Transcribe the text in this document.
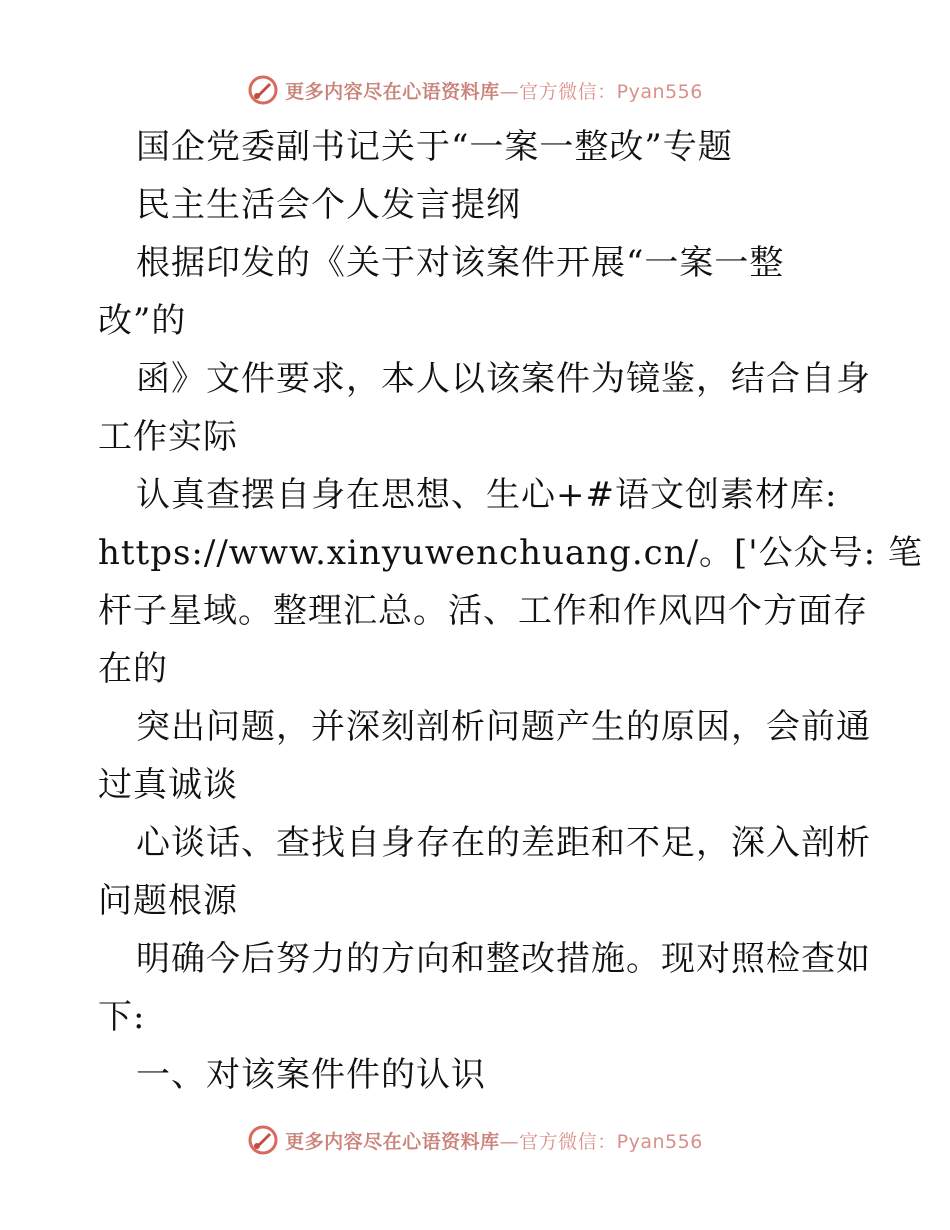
更多内容尽在心语资料库—官方微信：Pyan556
国企党委副书记关于“一案一整改”专题
民主生活会个人发言提纲
根据印发的《关于对该案件开展“一案一整
改”的
函》文件要求，本人以该案件为镜鉴，结合自身
工作实际
认真查摆自身在思想、生心+#语文创素材库:
https://www.xinyuwenchuang.cn/。['公众号: 笔
杆子星域。整理汇总。活、工作和作风四个方面存
在的
突出问题，并深刻剖析问题产生的原因，会前通
过真诚谈
心谈话、查找自身存在的差距和不足，深入剖析
问题根源
明确今后努力的方向和整改措施。现对照检查如
下:
一、对该案件件的认识
更多内容尽在心语资料库—官方微信：Pyan556
